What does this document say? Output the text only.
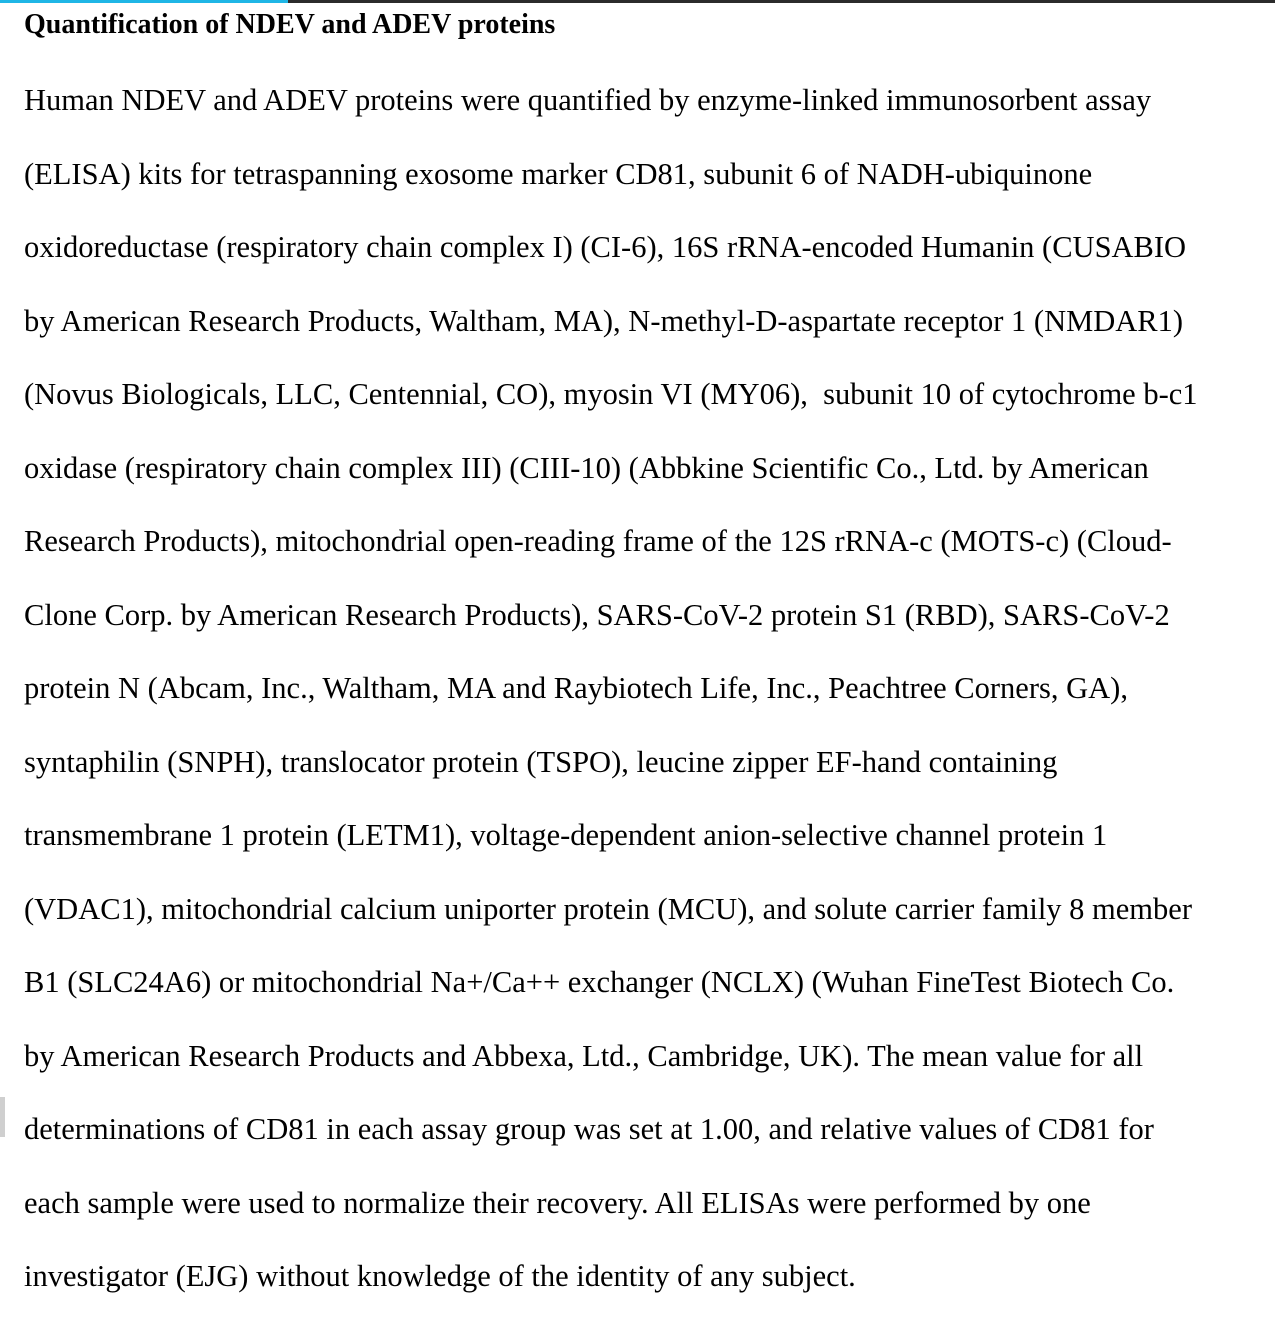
Quantification of NDEV and ADEV proteins

Human NDEV and ADEV proteins were quantified by enzyme-linked immunosorbent assay
(ELISA) kits for tetraspanning exosome marker CD81, subunit 6 of NADH-ubiquinone
oxidoreductase (respiratory chain complex I) (CI-6), 16S rRNA-encoded Humanin (CUSABIO
by American Research Products, Waltham, MA), N-methyl-D-aspartate receptor 1 (NMDAR1)
(Novus Biologicals, LLC, Centennial, CO), myosin VI (MY06),  subunit 10 of cytochrome b-c1
oxidase (respiratory chain complex III) (CIII-10) (Abbkine Scientific Co., Ltd. by American
Research Products), mitochondrial open-reading frame of the 12S rRNA-c (MOTS-c) (Cloud-
Clone Corp. by American Research Products), SARS-CoV-2 protein S1 (RBD), SARS-CoV-2
protein N (Abcam, Inc., Waltham, MA and Raybiotech Life, Inc., Peachtree Corners, GA),
syntaphilin (SNPH), translocator protein (TSPO), leucine zipper EF-hand containing
transmembrane 1 protein (LETM1), voltage-dependent anion-selective channel protein 1
(VDAC1), mitochondrial calcium uniporter protein (MCU), and solute carrier family 8 member
B1 (SLC24A6) or mitochondrial Na+/Ca++ exchanger (NCLX) (Wuhan FineTest Biotech Co.
by American Research Products and Abbexa, Ltd., Cambridge, UK). The mean value for all
determinations of CD81 in each assay group was set at 1.00, and relative values of CD81 for
each sample were used to normalize their recovery. All ELISAs were performed by one
investigator (EJG) without knowledge of the identity of any subject.
